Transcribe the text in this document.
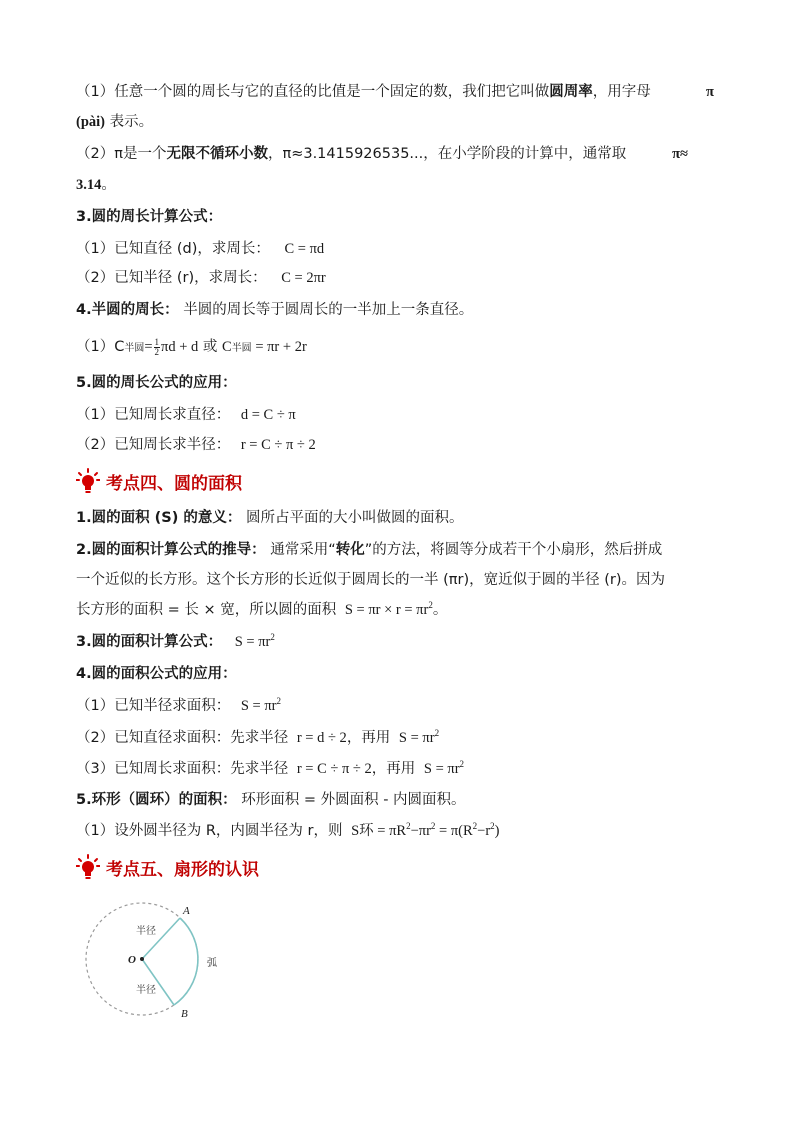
（1）任意一个圆的周长与它的直径的比值是一个固定的数，我们把它叫做圆周率，用字母	π
(pài) 表示。
（2）π是一个无限不循环小数，π≈3.1415926535...，在小学阶段的计算中，通常取	π≈
3.14。
3.圆的周长计算公式：
（1）已知直径 (d)，求周长： C = πd
（2）已知半径 (r)，求周长： C = 2πr
4.半圆的周长： 半圆的周长等于圆周长的一半加上一条直径。
（1）C半圆= $\frac{1}{2}$ πd + d 或 C半圆 = πr + 2r
5.圆的周长公式的应用：
（1）已知周长求直径： d = C ÷ π
（2）已知周长求半径： r = C ÷ π ÷ 2
考点四、圆的面积
1.圆的面积 (S) 的意义： 圆所占平面的大小叫做圆的面积。
2.圆的面积计算公式的推导： 通常采用“转化”的方法，将圆等分成若干个小扇形，然后拼成
一个近似的长方形。这个长方形的长近似于圆周长的一半 (πr)，宽近似于圆的半径 (r)。因为
长方形的面积 = 长 × 宽，所以圆的面积 $S = \pi r \times r = \pi r^2$。
3.圆的面积计算公式： $S = \pi r^2$
4.圆的面积公式的应用：
（1）已知半径求面积： $S = \pi r^2$
（2）已知直径求面积：先求半径 r = d ÷ 2，再用 $S = \pi r^2$
（3）已知周长求面积：先求半径 r = C ÷ π ÷ 2，再用 $S = \pi r^2$
5.环形（圆环）的面积： 环形面积 = 外圆面积 - 内圆面积。
（1）设外圆半径为 R，内圆半径为 r，则 S环 = $\pi R^2-\pi r^2 = \pi(R^2-r^2)$
考点五、扇形的认识
A
B
O
半径
半径
弧
